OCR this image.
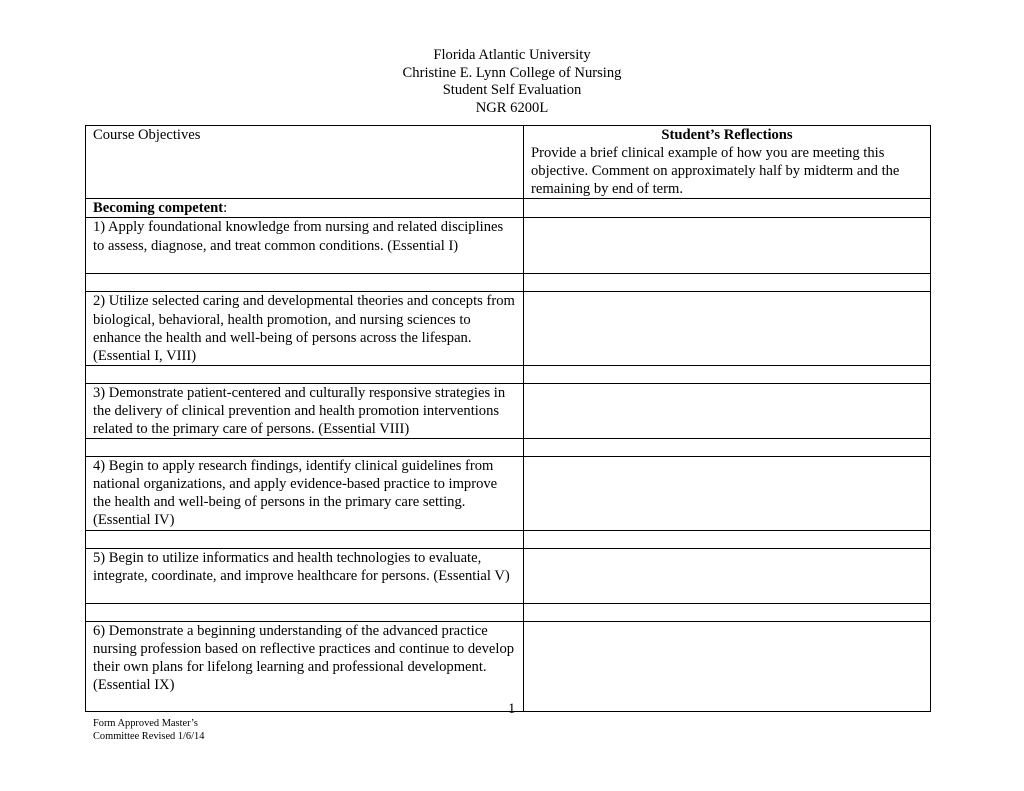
Florida Atlantic University
Christine E. Lynn College of Nursing
Student Self Evaluation
NGR 6200L
Course Objectives	Student’s Reflections
Provide a brief clinical example of how you are meeting this objective. Comment on approximately half by midterm and the remaining by end of term.

Becoming competent:	
1) Apply foundational knowledge from nursing and related disciplines to assess, diagnose, and treat common conditions. (Essential I)	

2) Utilize selected caring and developmental theories and concepts from biological, behavioral, health promotion, and nursing sciences to enhance the health and well-being of persons across the lifespan. (Essential I, VIII)	

3) Demonstrate patient-centered and culturally responsive strategies in the delivery of clinical prevention and health promotion interventions related to the primary care of persons. (Essential VIII)	

4) Begin to apply research findings, identify clinical guidelines from national organizations, and apply evidence-based practice to improve the health and well-being of persons in the primary care setting. (Essential IV)	

5) Begin to utilize informatics and health technologies to evaluate, integrate, coordinate, and improve healthcare for persons. (Essential V)	

6) Demonstrate a beginning understanding of the advanced practice nursing profession based on reflective practices and continue to develop their own plans for lifelong learning and professional development. (Essential IX)	
1
Form Approved Master’s
Committee Revised 1/6/14
